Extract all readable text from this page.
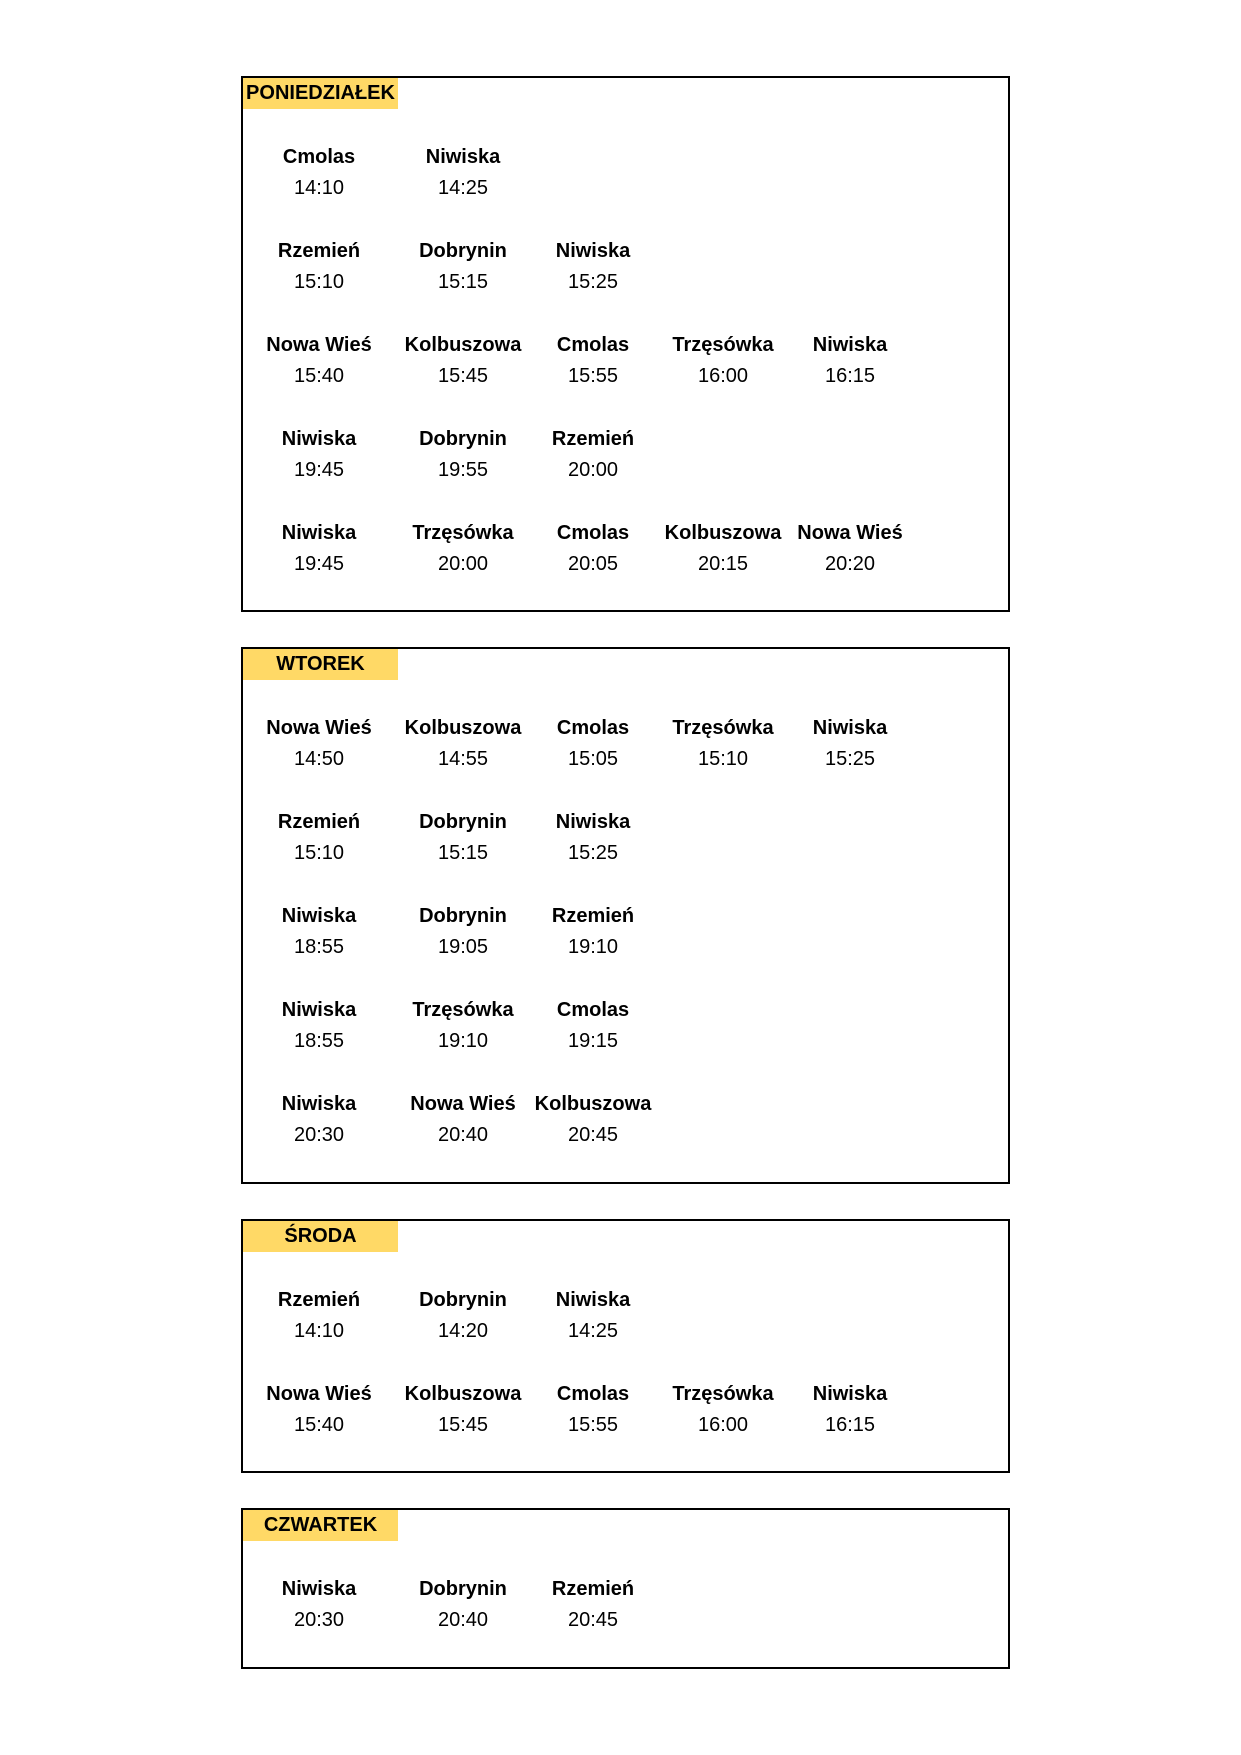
PONIEDZIAŁEK
Cmolas
14:10
Niwiska
14:25
Rzemień
15:10
Dobrynin
15:15
Niwiska
15:25
Nowa Wieś
15:40
Kolbuszowa
15:45
Cmolas
15:55
Trzęsówka
16:00
Niwiska
16:15
Niwiska
19:45
Dobrynin
19:55
Rzemień
20:00
Niwiska
19:45
Trzęsówka
20:00
Cmolas
20:05
Kolbuszowa
20:15
Nowa Wieś
20:20
WTOREK
Nowa Wieś
14:50
Kolbuszowa
14:55
Cmolas
15:05
Trzęsówka
15:10
Niwiska
15:25
Rzemień
15:10
Dobrynin
15:15
Niwiska
15:25
Niwiska
18:55
Dobrynin
19:05
Rzemień
19:10
Niwiska
18:55
Trzęsówka
19:10
Cmolas
19:15
Niwiska
20:30
Nowa Wieś
20:40
Kolbuszowa
20:45
ŚRODA
Rzemień
14:10
Dobrynin
14:20
Niwiska
14:25
Nowa Wieś
15:40
Kolbuszowa
15:45
Cmolas
15:55
Trzęsówka
16:00
Niwiska
16:15
CZWARTEK
Niwiska
20:30
Dobrynin
20:40
Rzemień
20:45
